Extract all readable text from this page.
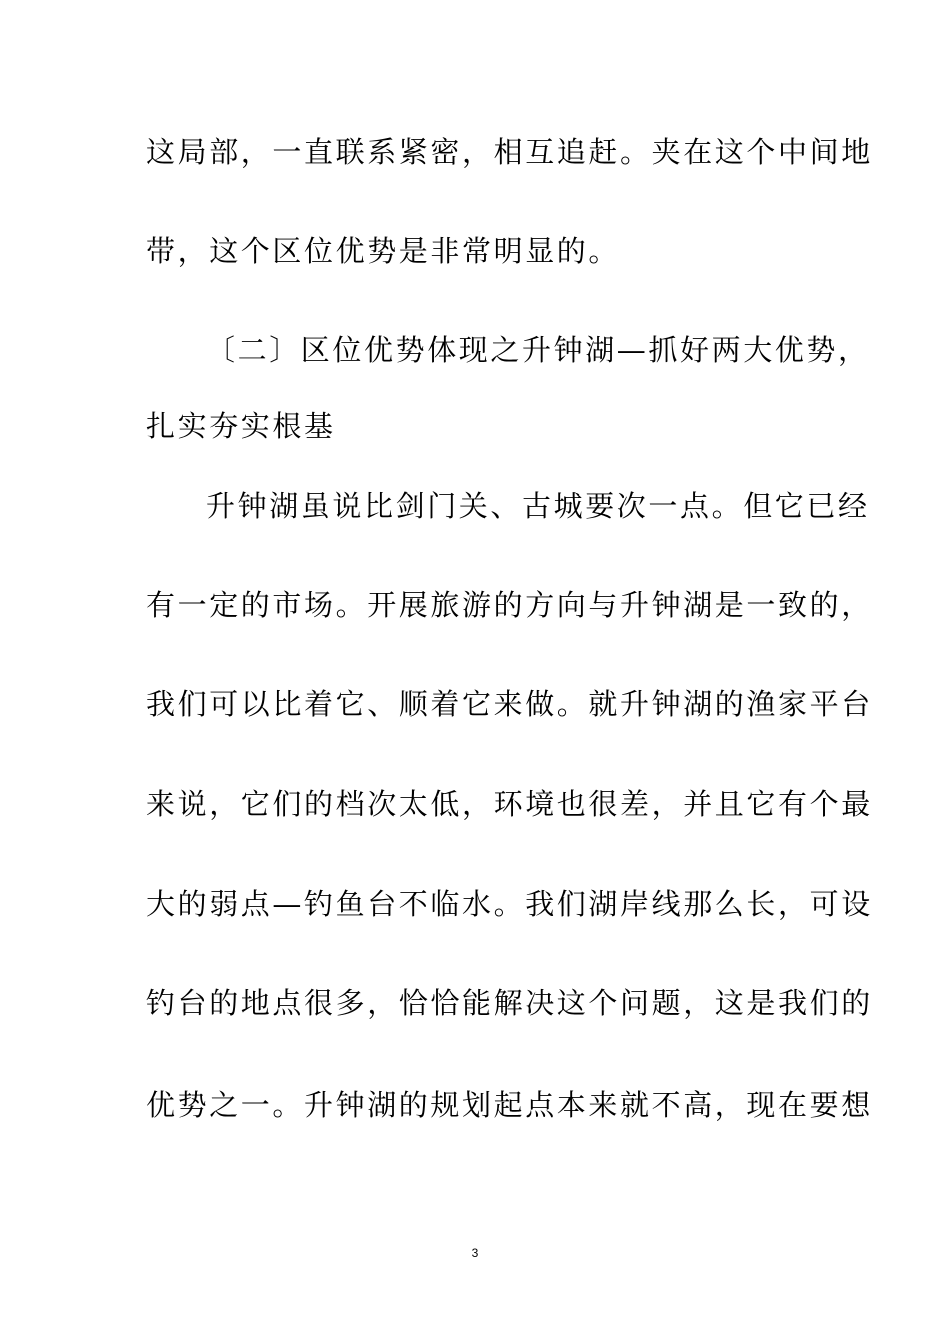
这局部，一直联系紧密，相互追赶。夹在这个中间地
带，这个区位优势是非常明显的。
〔二〕区位优势体现之升钟湖—抓好两大优势，
扎实夯实根基
升钟湖虽说比剑门关、古城要次一点。但它已经
有一定的市场。开展旅游的方向与升钟湖是一致的，
我们可以比着它、顺着它来做。就升钟湖的渔家平台
来说，它们的档次太低，环境也很差，并且它有个最
大的弱点—钓鱼台不临水。我们湖岸线那么长，可设
钓台的地点很多，恰恰能解决这个问题，这是我们的
优势之一。升钟湖的规划起点本来就不高，现在要想
3
